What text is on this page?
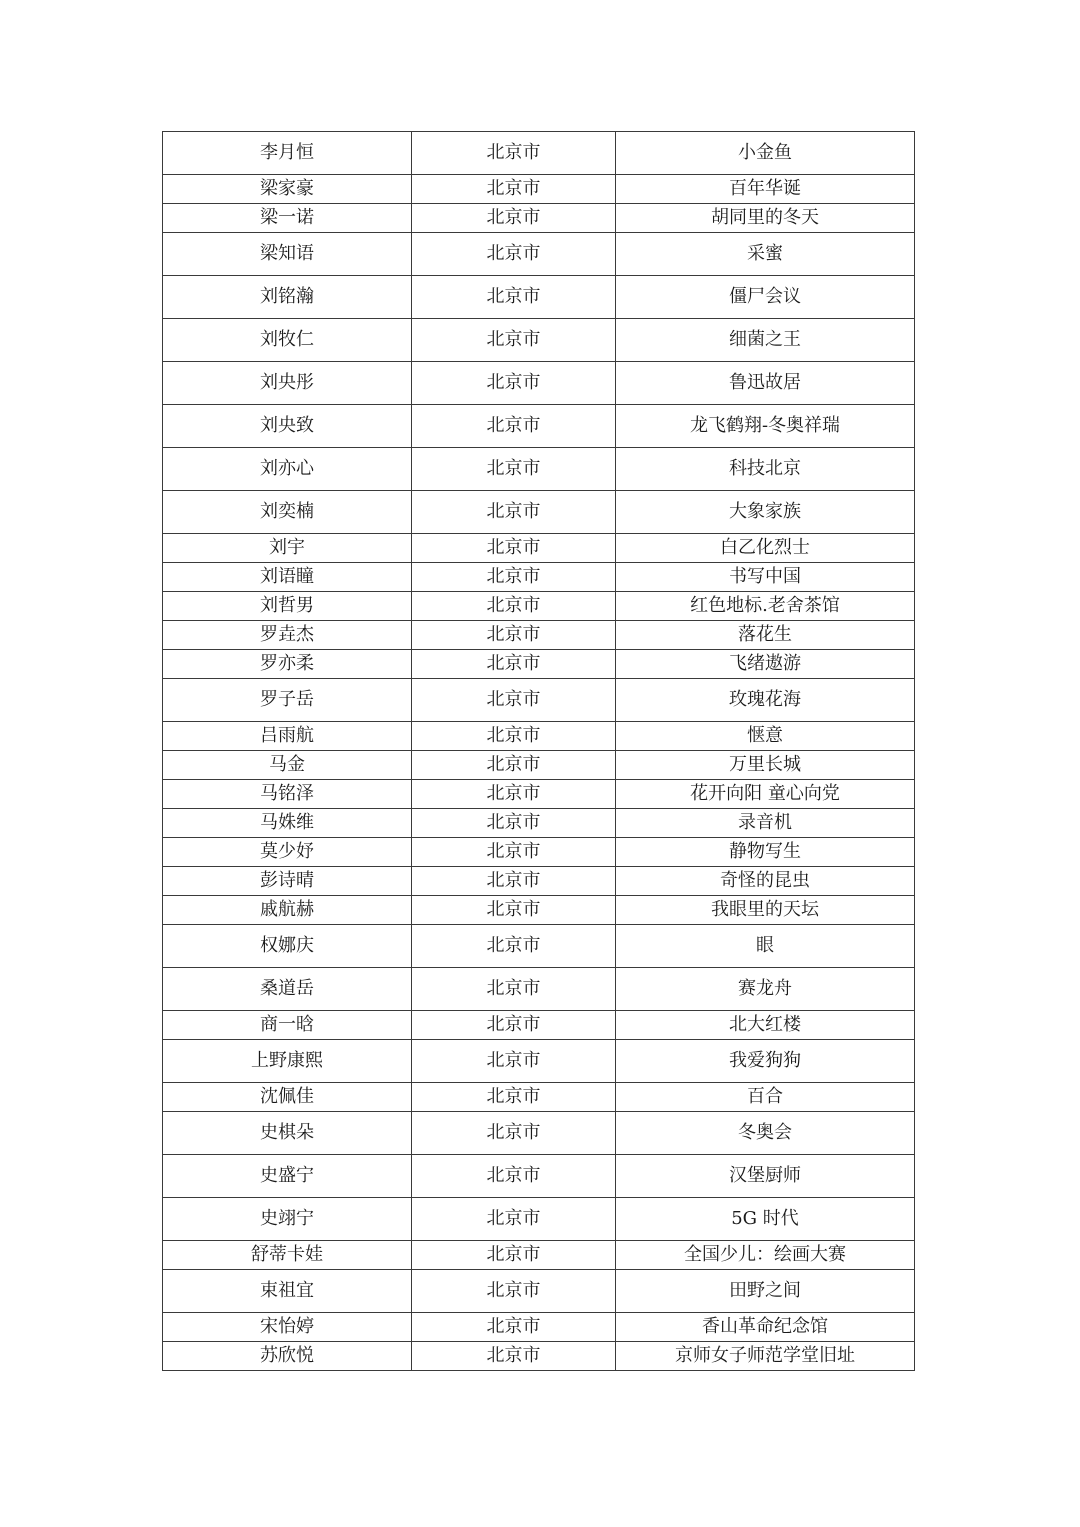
李月恒	北京市	小金鱼
梁家豪	北京市	百年华诞
梁一诺	北京市	胡同里的冬天
梁知语	北京市	采蜜
刘铭瀚	北京市	僵尸会议
刘牧仁	北京市	细菌之王
刘央彤	北京市	鲁迅故居
刘央致	北京市	龙飞鹤翔-冬奥祥瑞
刘亦心	北京市	科技北京
刘奕楠	北京市	大象家族
刘宇	北京市	白乙化烈士
刘语瞳	北京市	书写中国
刘哲男	北京市	红色地标.老舍茶馆
罗垚杰	北京市	落花生
罗亦柔	北京市	飞绪遨游
罗子岳	北京市	玫瑰花海
吕雨航	北京市	惬意
马金	北京市	万里长城
马铭泽	北京市	花开向阳 童心向党
马姝维	北京市	录音机
莫少妤	北京市	静物写生
彭诗晴	北京市	奇怪的昆虫
戚航赫	北京市	我眼里的天坛
权娜庆	北京市	眼
桑道岳	北京市	赛龙舟
商一晗	北京市	北大红楼
上野康熙	北京市	我爱狗狗
沈佩佳	北京市	百合
史棋朵	北京市	冬奥会
史盛宁	北京市	汉堡厨师
史翊宁	北京市	5G 时代
舒蒂卡娃	北京市	全国少儿：绘画大赛
束祖宜	北京市	田野之间
宋怡婷	北京市	香山革命纪念馆
苏欣悦	北京市	京师女子师范学堂旧址
